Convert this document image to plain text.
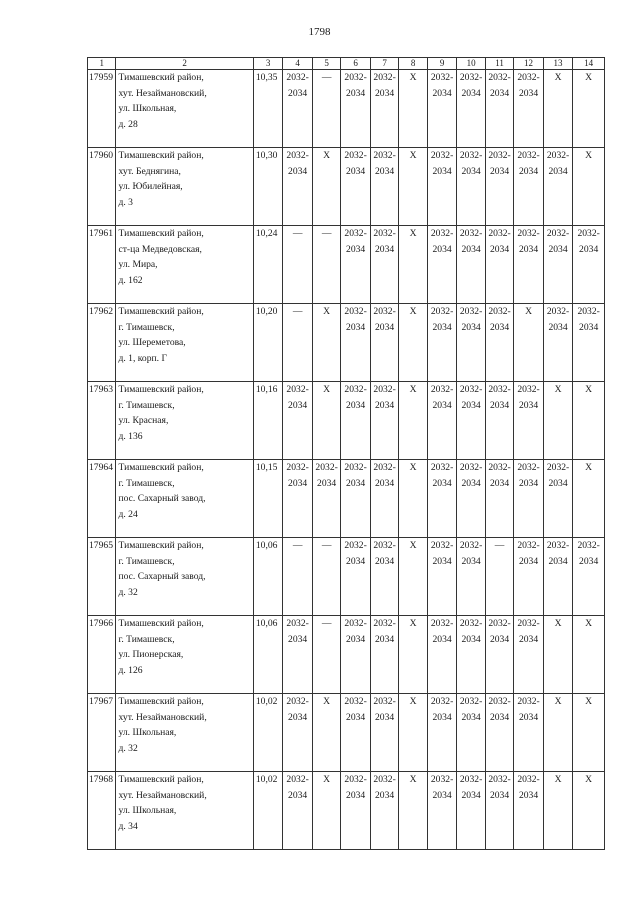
1798
1	2	3	4	5	6	7	8	9	10	11	12	13	14
17959	Тимашевский район,
хут. Незаймановский,
ул. Школьная,
д. 28	10,35	2032-
2034	—	2032-
2034	2032-
2034	X	2032-
2034	2032-
2034	2032-
2034	2032-
2034	X	X
17960	Тимашевский район,
хут. Беднягина,
ул. Юбилейная,
д. 3	10,30	2032-
2034	X	2032-
2034	2032-
2034	X	2032-
2034	2032-
2034	2032-
2034	2032-
2034	2032-
2034	X
17961	Тимашевский район,
ст-ца Медведовская,
ул. Мира,
д. 162	10,24	—	—	2032-
2034	2032-
2034	X	2032-
2034	2032-
2034	2032-
2034	2032-
2034	2032-
2034	2032-
2034
17962	Тимашевский район,
г. Тимашевск,
ул. Шереметова,
д. 1, корп. Г	10,20	—	X	2032-
2034	2032-
2034	X	2032-
2034	2032-
2034	2032-
2034	X	2032-
2034	2032-
2034
17963	Тимашевский район,
г. Тимашевск,
ул. Красная,
д. 136	10,16	2032-
2034	X	2032-
2034	2032-
2034	X	2032-
2034	2032-
2034	2032-
2034	2032-
2034	X	X
17964	Тимашевский район,
г. Тимашевск,
пос. Сахарный завод,
д. 24	10,15	2032-
2034	2032-
2034	2032-
2034	2032-
2034	X	2032-
2034	2032-
2034	2032-
2034	2032-
2034	2032-
2034	X
17965	Тимашевский район,
г. Тимашевск,
пос. Сахарный завод,
д. 32	10,06	—	—	2032-
2034	2032-
2034	X	2032-
2034	2032-
2034	—	2032-
2034	2032-
2034	2032-
2034
17966	Тимашевский район,
г. Тимашевск,
ул. Пионерская,
д. 126	10,06	2032-
2034	—	2032-
2034	2032-
2034	X	2032-
2034	2032-
2034	2032-
2034	2032-
2034	X	X
17967	Тимашевский район,
хут. Незаймановский,
ул. Школьная,
д. 32	10,02	2032-
2034	X	2032-
2034	2032-
2034	X	2032-
2034	2032-
2034	2032-
2034	2032-
2034	X	X
17968	Тимашевский район,
хут. Незаймановский,
ул. Школьная,
д. 34	10,02	2032-
2034	X	2032-
2034	2032-
2034	X	2032-
2034	2032-
2034	2032-
2034	2032-
2034	X	X
